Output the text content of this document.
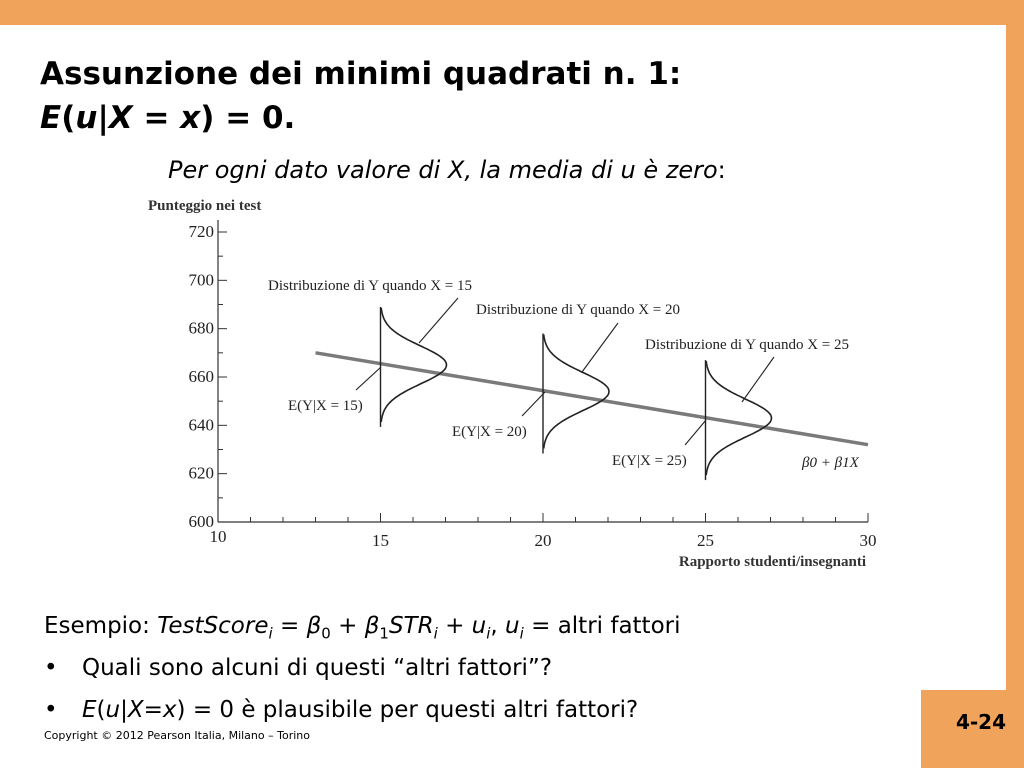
Assunzione dei minimi quadrati n. 1:
E(u|X = x) = 0.
Per ogni dato valore di X, la media di u è zero:
Punteggio nei test
Rapporto studenti/insegnanti
10	15	20	25	30
600
620
640
660
680
700
720
β0 + β1X
Distribuzione di Y quando X = 15
E(Y|X = 15)
Distribuzione di Y quando X = 20
E(Y|X = 20)
Distribuzione di Y quando X = 25
E(Y|X = 25)
Esempio: TestScore$_i$ = $\beta_0 + \beta_1STR_i + u_i$, $u_i$ = altri fattori
• Quali sono alcuni di questi “altri fattori”?
• E(u|X=x) = 0 è plausibile per questi altri fattori?
Copyright © 2012 Pearson Italia, Milano – Torino
4-24
